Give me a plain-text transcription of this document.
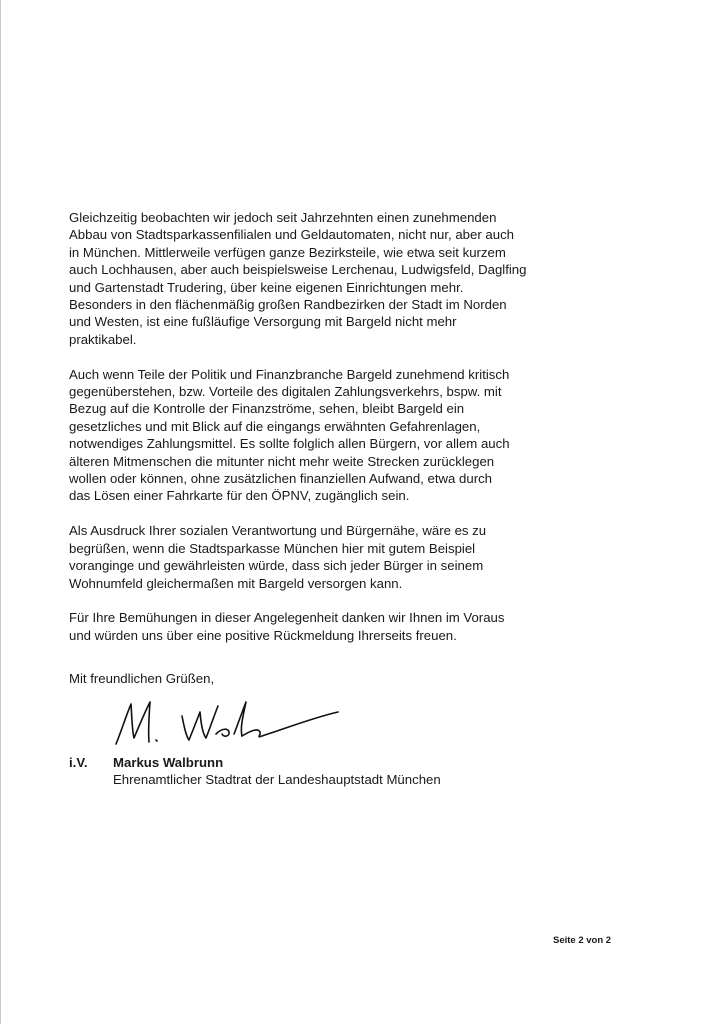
Gleichzeitig beobachten wir jedoch seit Jahrzehnten einen zunehmenden
Abbau von Stadtsparkassenfilialen und Geldautomaten, nicht nur, aber auch
in München. Mittlerweile verfügen ganze Bezirksteile, wie etwa seit kurzem
auch Lochhausen, aber auch beispielsweise Lerchenau, Ludwigsfeld, Daglfing
und Gartenstadt Trudering, über keine eigenen Einrichtungen mehr.
Besonders in den flächenmäßig großen Randbezirken der Stadt im Norden
und Westen, ist eine fußläufige Versorgung mit Bargeld nicht mehr
praktikabel.

Auch wenn Teile der Politik und Finanzbranche Bargeld zunehmend kritisch
gegenüberstehen, bzw. Vorteile des digitalen Zahlungsverkehrs, bspw. mit
Bezug auf die Kontrolle der Finanzströme, sehen, bleibt Bargeld ein
gesetzliches und mit Blick auf die eingangs erwähnten Gefahrenlagen,
notwendiges Zahlungsmittel. Es sollte folglich allen Bürgern, vor allem auch
älteren Mitmenschen die mitunter nicht mehr weite Strecken zurücklegen
wollen oder können, ohne zusätzlichen finanziellen Aufwand, etwa durch
das Lösen einer Fahrkarte für den ÖPNV, zugänglich sein.

Als Ausdruck Ihrer sozialen Verantwortung und Bürgernähe, wäre es zu
begrüßen, wenn die Stadtsparkasse München hier mit gutem Beispiel
voranginge und gewährleisten würde, dass sich jeder Bürger in seinem
Wohnumfeld gleichermaßen mit Bargeld versorgen kann.

Für Ihre Bemühungen in dieser Angelegenheit danken wir Ihnen im Voraus
und würden uns über eine positive Rückmeldung Ihrerseits freuen.

Mit freundlichen Grüßen,
i.V.	Markus Walbrunn
Ehrenamtlicher Stadtrat der Landeshauptstadt München
Seite 2 von 2
